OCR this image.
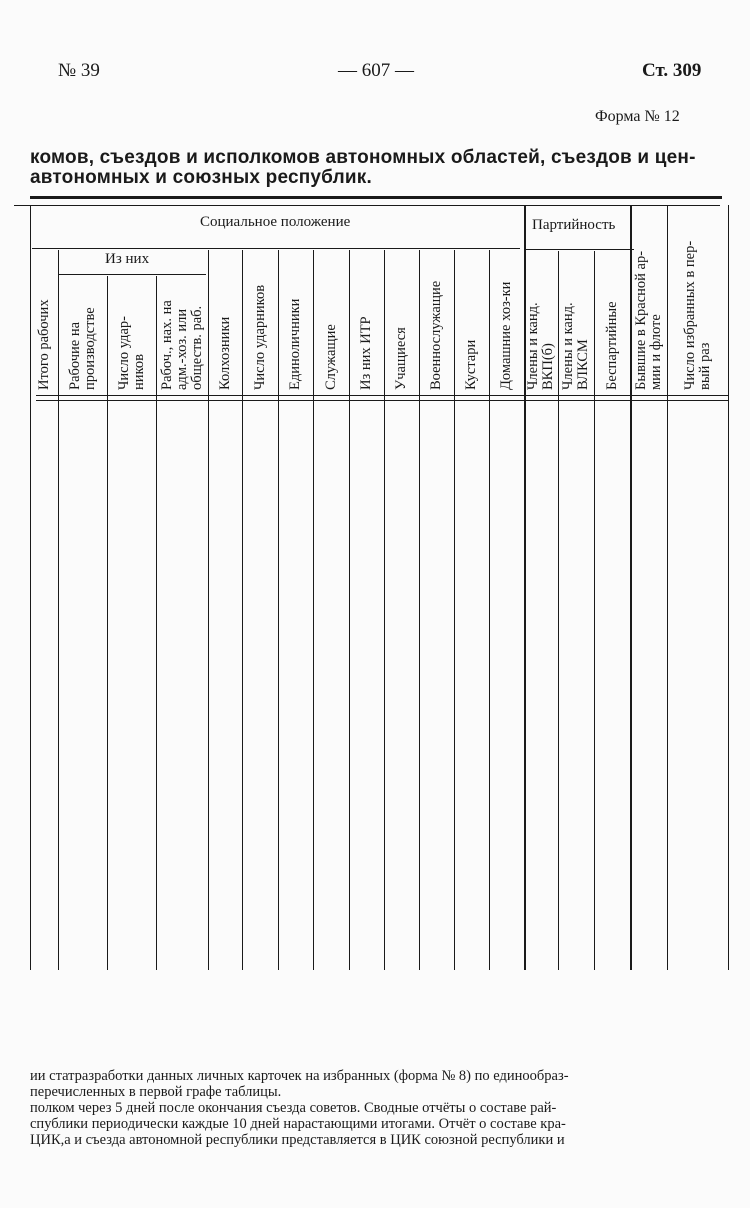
№ 39	— 607 —	Ст. 309
Форма № 12
комов, съездов и исполкомов автономных областей, съездов и цен-
автономных и союзных республик.
Социальное положение
Из них
Партийность
Итого рабочих Рабочие на
производстве Число удар-
ников Рабоч., нах. на
адм.-хоз. или
обществ. раб. Колхозники Число ударников Единоличники Служащие Из них ИТР Учащиеся Военнослужащие Кустари Домашние хоз-ки Члены и канд.
ВКП(б) Члены и канд.
ВЛКСМ Беспартийные Бывшие в Красной ар-
мии и флоте
Число избранных в пер-
вый раз
ии статразработки данных личных карточек на избранных (форма № 8) по единообраз-
перечисленных в первой графе таблицы.
полком через 5 дней после окончания съезда советов. Сводные отчёты о составе рай-
спублики периодически каждые 10 дней нарастающими итогами. Отчёт о составе кра-
ЦИК,а и съезда автономной республики представляется в ЦИК союзной республики и
